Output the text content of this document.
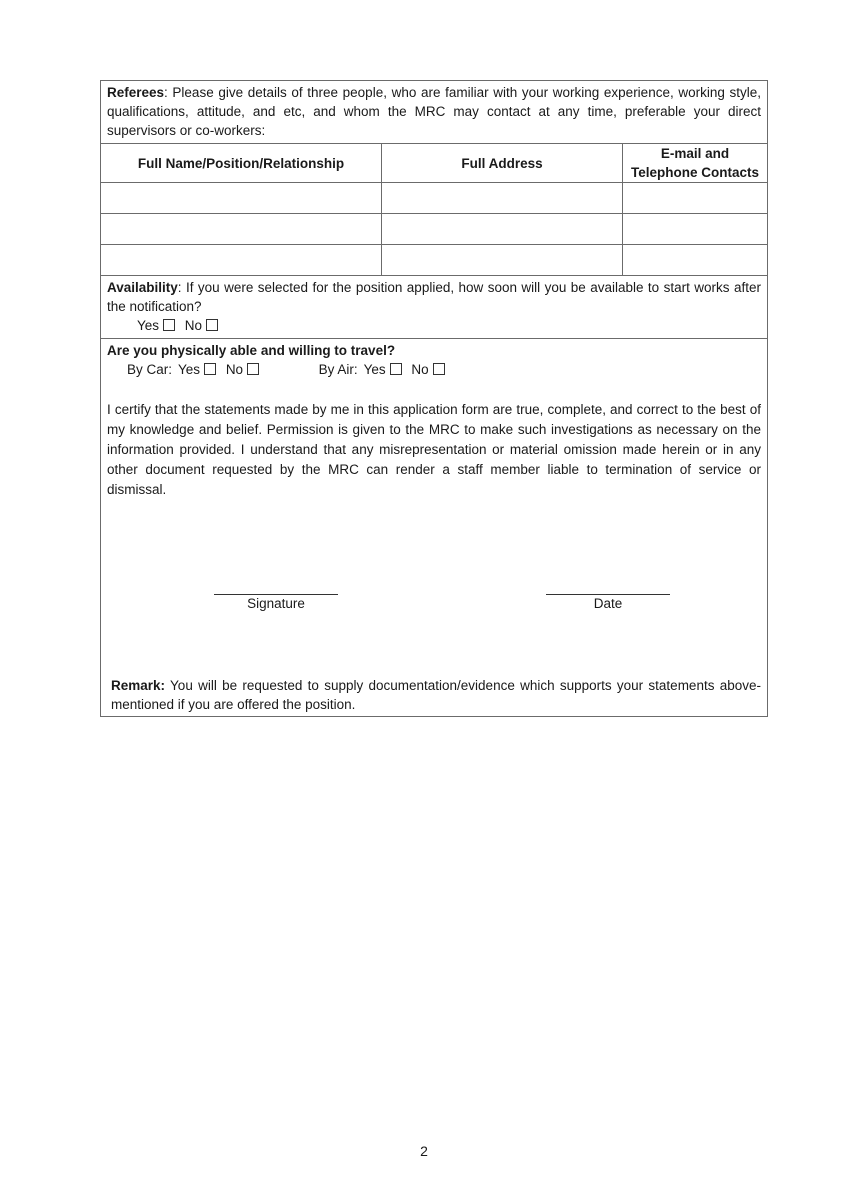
Referees: Please give details of three people, who are familiar with your working experience, working style, qualifications, attitude, and etc, and whom the MRC may contact at any time, preferable your direct supervisors or co-workers:
Full Name/Position/Relationship	Full Address	E-mail and Telephone Contacts

Availability: If you were selected for the position applied, how soon will you be available to start works after the notification?
Yes No
Are you physically able and willing to travel?
By Car: Yes No	By Air: Yes No
I certify that the statements made by me in this application form are true, complete, and correct to the best of my knowledge and belief. Permission is given to the MRC to make such investigations as necessary on the information provided. I understand that any misrepresentation or material omission made herein or in any other document requested by the MRC can render a staff member liable to termination of service or dismissal.
Signature	Date
Remark: You will be requested to supply documentation/evidence which supports your statements above-mentioned if you are offered the position.
2
